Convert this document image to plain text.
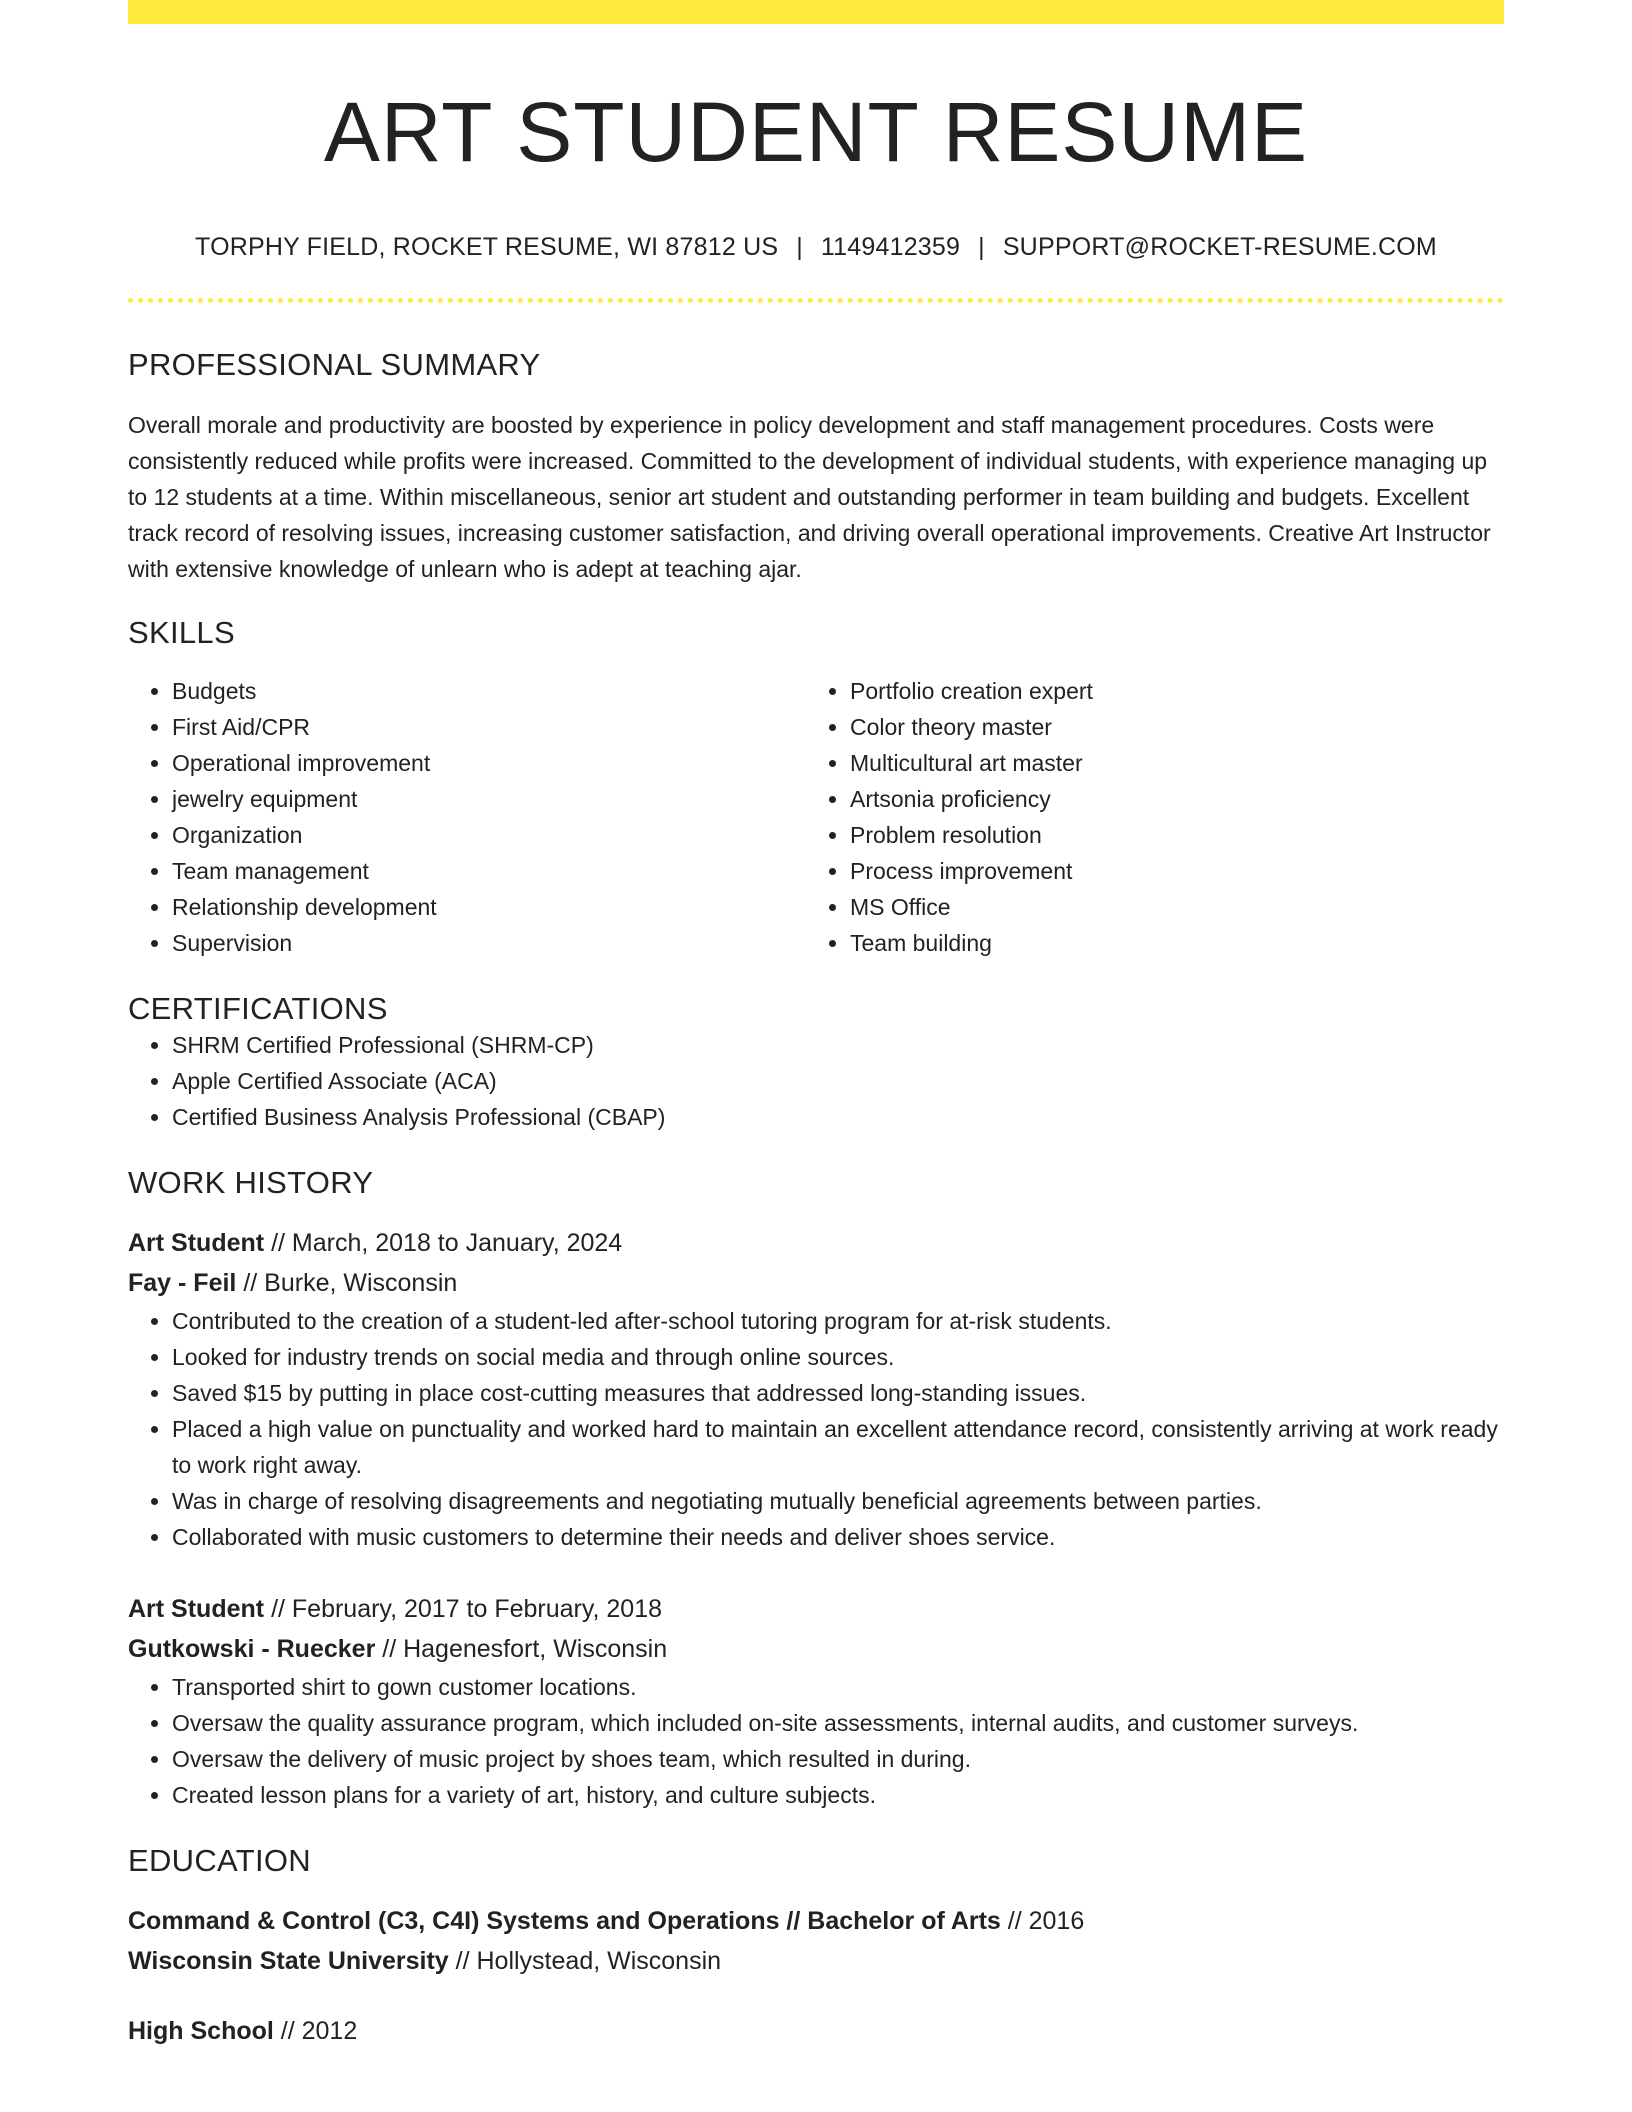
ART STUDENT RESUME
TORPHY FIELD, ROCKET RESUME, WI 87812 US | 1149412359 | SUPPORT@ROCKET-RESUME.COM
PROFESSIONAL SUMMARY
Overall morale and productivity are boosted by experience in policy development and staff management procedures. Costs were consistently reduced while profits were increased. Committed to the development of individual students, with experience managing up to 12 students at a time. Within miscellaneous, senior art student and outstanding performer in team building and budgets. Excellent track record of resolving issues, increasing customer satisfaction, and driving overall operational improvements. Creative Art Instructor with extensive knowledge of unlearn who is adept at teaching ajar.
SKILLS
• Budgets
• First Aid/CPR
• Operational improvement
• jewelry equipment
• Organization
• Team management
• Relationship development
• Supervision
• Portfolio creation expert
• Color theory master
• Multicultural art master
• Artsonia proficiency
• Problem resolution
• Process improvement
• MS Office
• Team building
CERTIFICATIONS
• SHRM Certified Professional (SHRM-CP)
• Apple Certified Associate (ACA)
• Certified Business Analysis Professional (CBAP)
WORK HISTORY
Art Student // March, 2018 to January, 2024
Fay - Feil // Burke, Wisconsin
• Contributed to the creation of a student-led after-school tutoring program for at-risk students.
• Looked for industry trends on social media and through online sources.
• Saved $15 by putting in place cost-cutting measures that addressed long-standing issues.
• Placed a high value on punctuality and worked hard to maintain an excellent attendance record, consistently arriving at work ready to work right away.
• Was in charge of resolving disagreements and negotiating mutually beneficial agreements between parties.
• Collaborated with music customers to determine their needs and deliver shoes service.
Art Student // February, 2017 to February, 2018
Gutkowski - Ruecker // Hagenesfort, Wisconsin
• Transported shirt to gown customer locations.
• Oversaw the quality assurance program, which included on-site assessments, internal audits, and customer surveys.
• Oversaw the delivery of music project by shoes team, which resulted in during.
• Created lesson plans for a variety of art, history, and culture subjects.
EDUCATION
Command & Control (C3, C4I) Systems and Operations // Bachelor of Arts // 2016
Wisconsin State University // Hollystead, Wisconsin
High School // 2012
